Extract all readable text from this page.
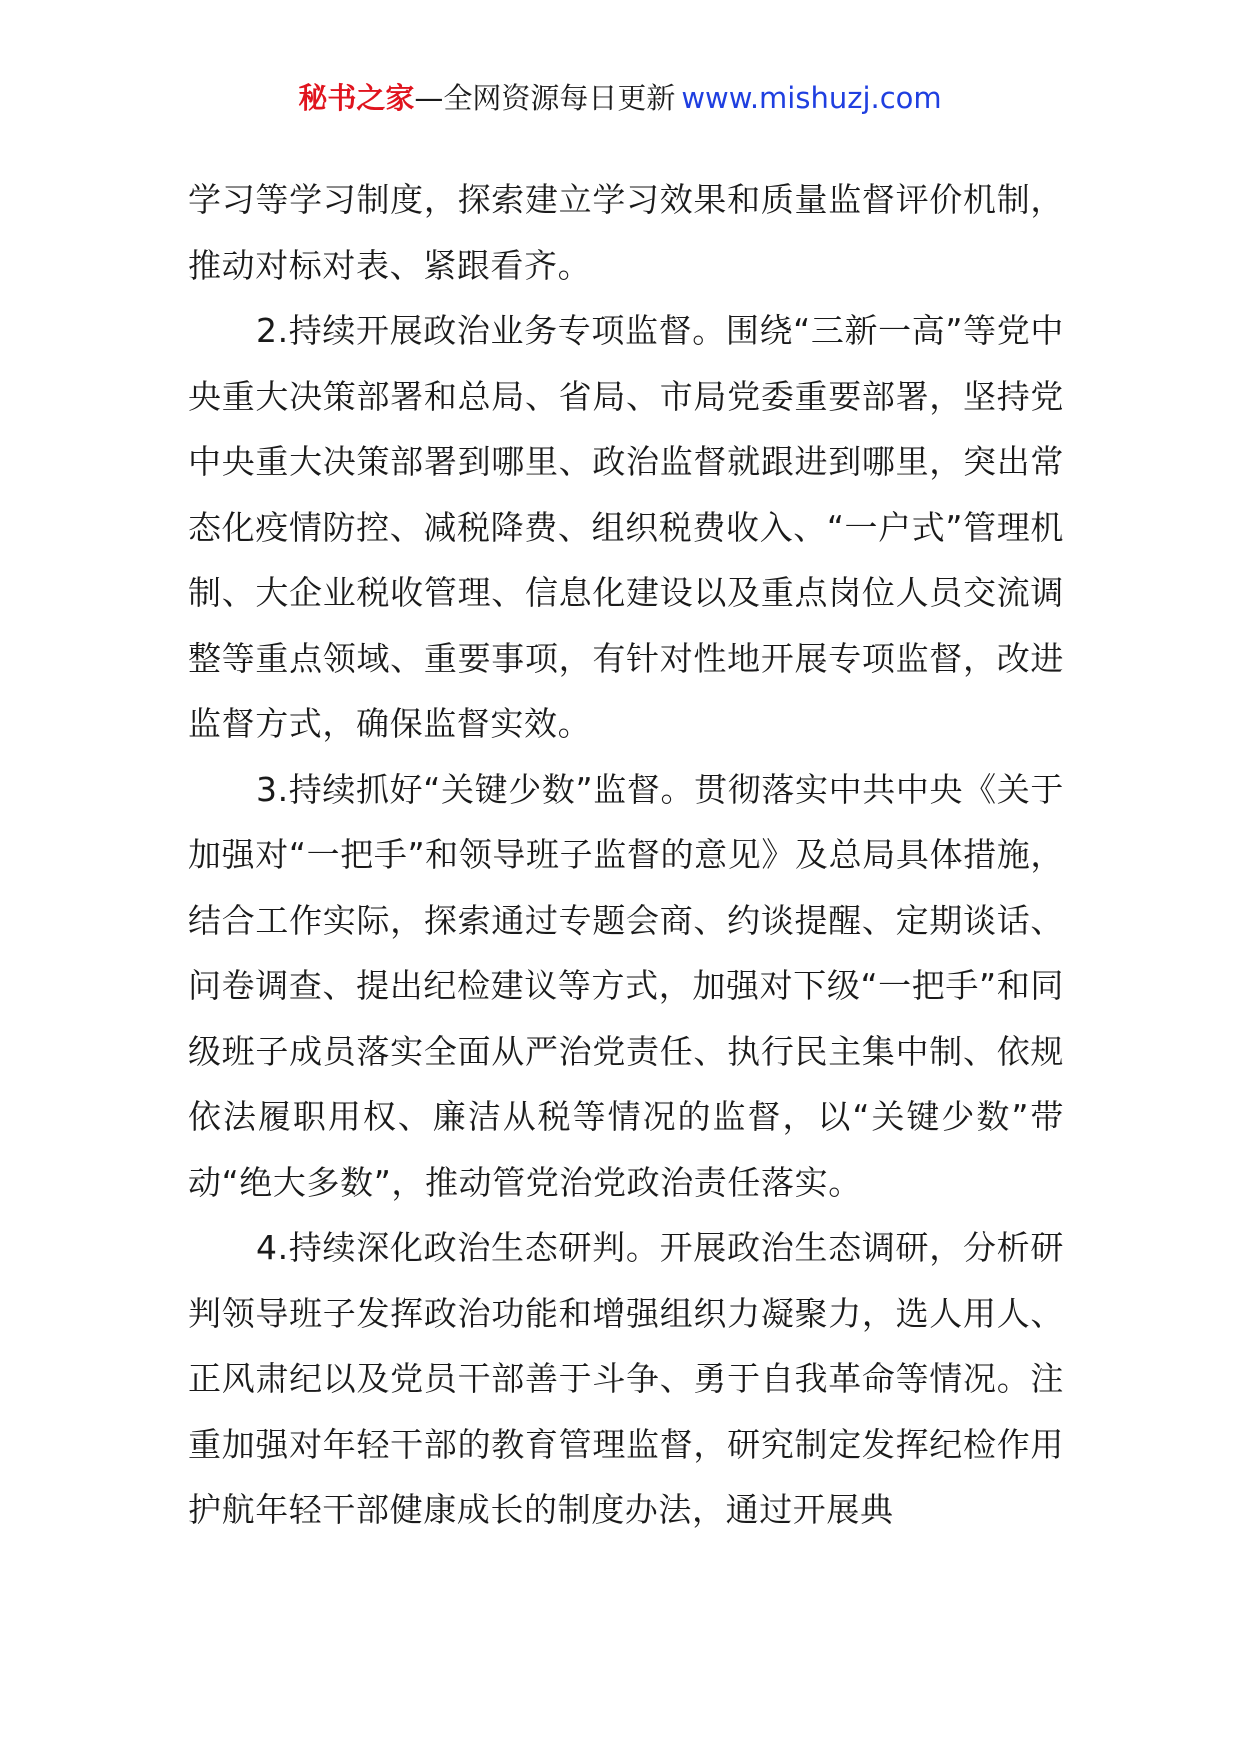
秘书之家—全网资源每日更新 www.mishuzj.com

学习等学习制度，探索建立学习效果和质量监督评价机制，推动对标对表、紧跟看齐。

2.持续开展政治业务专项监督。围绕“三新一高”等党中央重大决策部署和总局、省局、市局党委重要部署，坚持党中央重大决策部署到哪里、政治监督就跟进到哪里，突出常态化疫情防控、减税降费、组织税费收入、“一户式”管理机制、大企业税收管理、信息化建设以及重点岗位人员交流调整等重点领域、重要事项，有针对性地开展专项监督，改进监督方式，确保监督实效。

3.持续抓好“关键少数”监督。贯彻落实中共中央《关于加强对“一把手”和领导班子监督的意见》及总局具体措施，结合工作实际，探索通过专题会商、约谈提醒、定期谈话、问卷调查、提出纪检建议等方式，加强对下级“一把手”和同级班子成员落实全面从严治党责任、执行民主集中制、依规依法履职用权、廉洁从税等情况的监督，以“关键少数”带动“绝大多数”，推动管党治党政治责任落实。

4.持续深化政治生态研判。开展政治生态调研，分析研判领导班子发挥政治功能和增强组织力凝聚力，选人用人、正风肃纪以及党员干部善于斗争、勇于自我革命等情况。注重加强对年轻干部的教育管理监督，研究制定发挥纪检作用护航年轻干部健康成长的制度办法，通过开展典
